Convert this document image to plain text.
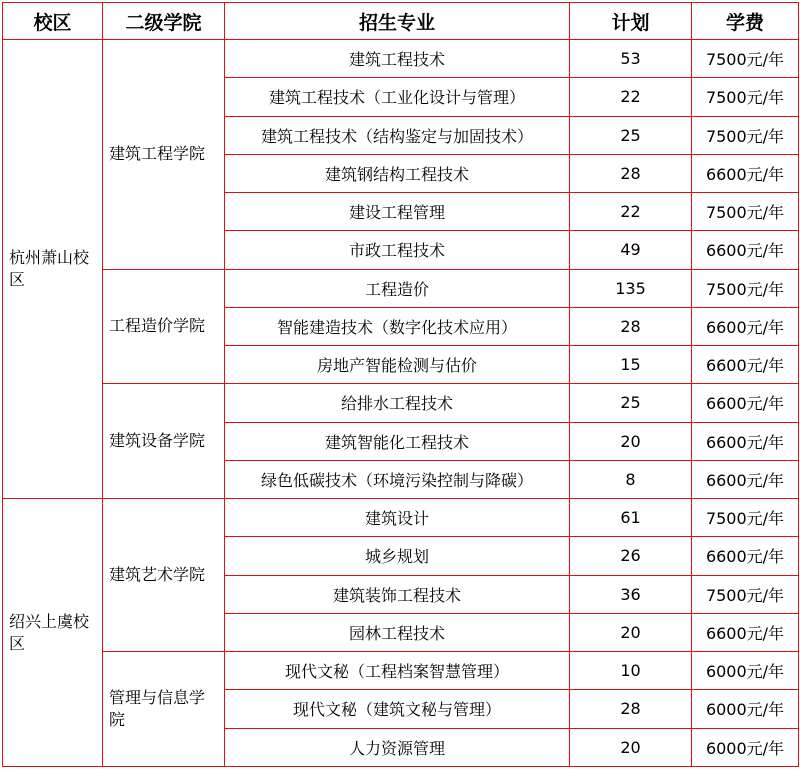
校区	二级学院	招生专业	计划	学费
杭州萧山校区	建筑工程学院	建筑工程技术	53	7500元/年
		建筑工程技术（工业化设计与管理）	22	7500元/年
		建筑工程技术（结构鉴定与加固技术）	25	7500元/年
		建筑钢结构工程技术	28	6600元/年
		建设工程管理	22	7500元/年
		市政工程技术	49	6600元/年
	工程造价学院	工程造价	135	7500元/年
		智能建造技术（数字化技术应用）	28	6600元/年
		房地产智能检测与估价	15	6600元/年
	建筑设备学院	给排水工程技术	25	6600元/年
		建筑智能化工程技术	20	6600元/年
		绿色低碳技术（环境污染控制与降碳）	8	6600元/年
绍兴上虞校区	建筑艺术学院	建筑设计	61	7500元/年
		城乡规划	26	6600元/年
		建筑装饰工程技术	36	7500元/年
		园林工程技术	20	6600元/年
	管理与信息学院	现代文秘（工程档案智慧管理）	10	6000元/年
		现代文秘（建筑文秘与管理）	28	6000元/年
		人力资源管理	20	6000元/年
